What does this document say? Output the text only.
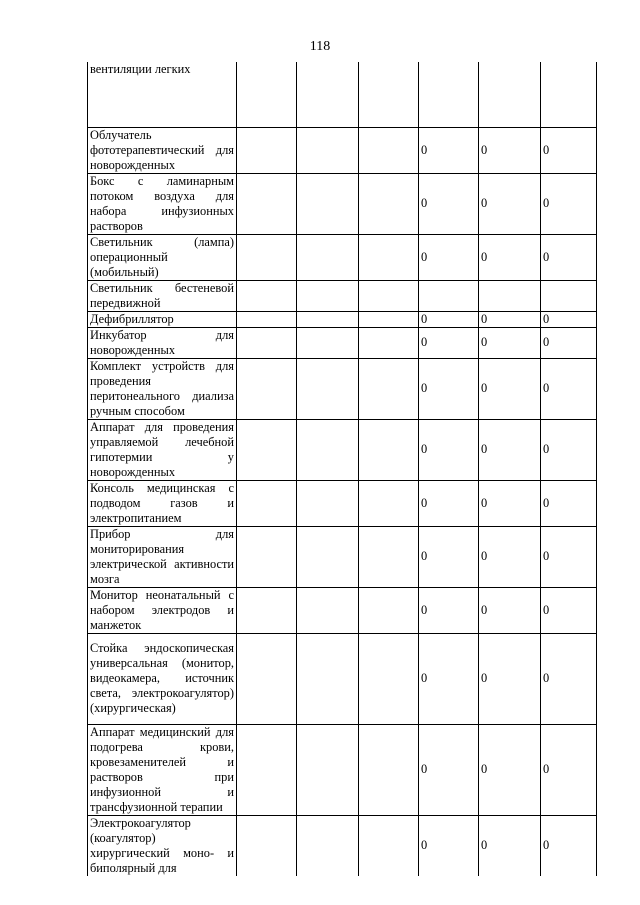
118
вентиляции легких						
Облучатель фототерапевтический для новорожденных				0	0	0
Бокс с ламинарным потоком воздуха для набора инфузионных растворов				0	0	0
Светильник (лампа) операционный (мобильный)				0	0	0
Светильник бестеневой передвижной						
Дефибриллятор				0	0	0
Инкубатор для новорожденных				0	0	0
Комплект устройств для проведения перитонеального диализа ручным способом				0	0	0
Аппарат для проведения управляемой лечебной гипотермии у новорожденных				0	0	0
Консоль медицинская с подводом газов и электропитанием				0	0	0
Прибор для мониторирования электрической активности мозга				0	0	0
Монитор неонатальный с набором электродов и манжеток				0	0	0
Стойка эндоскопическая универсальная (монитор, видеокамера, источник света, электрокоагулятор) (хирургическая)				0	0	0
Аппарат медицинский для подогрева крови, кровезаменителей и растворов при инфузионной и трансфузионной терапии				0	0	0
Электрокоагулятор (коагулятор) хирургический моно- и биполярный для				0	0	0
